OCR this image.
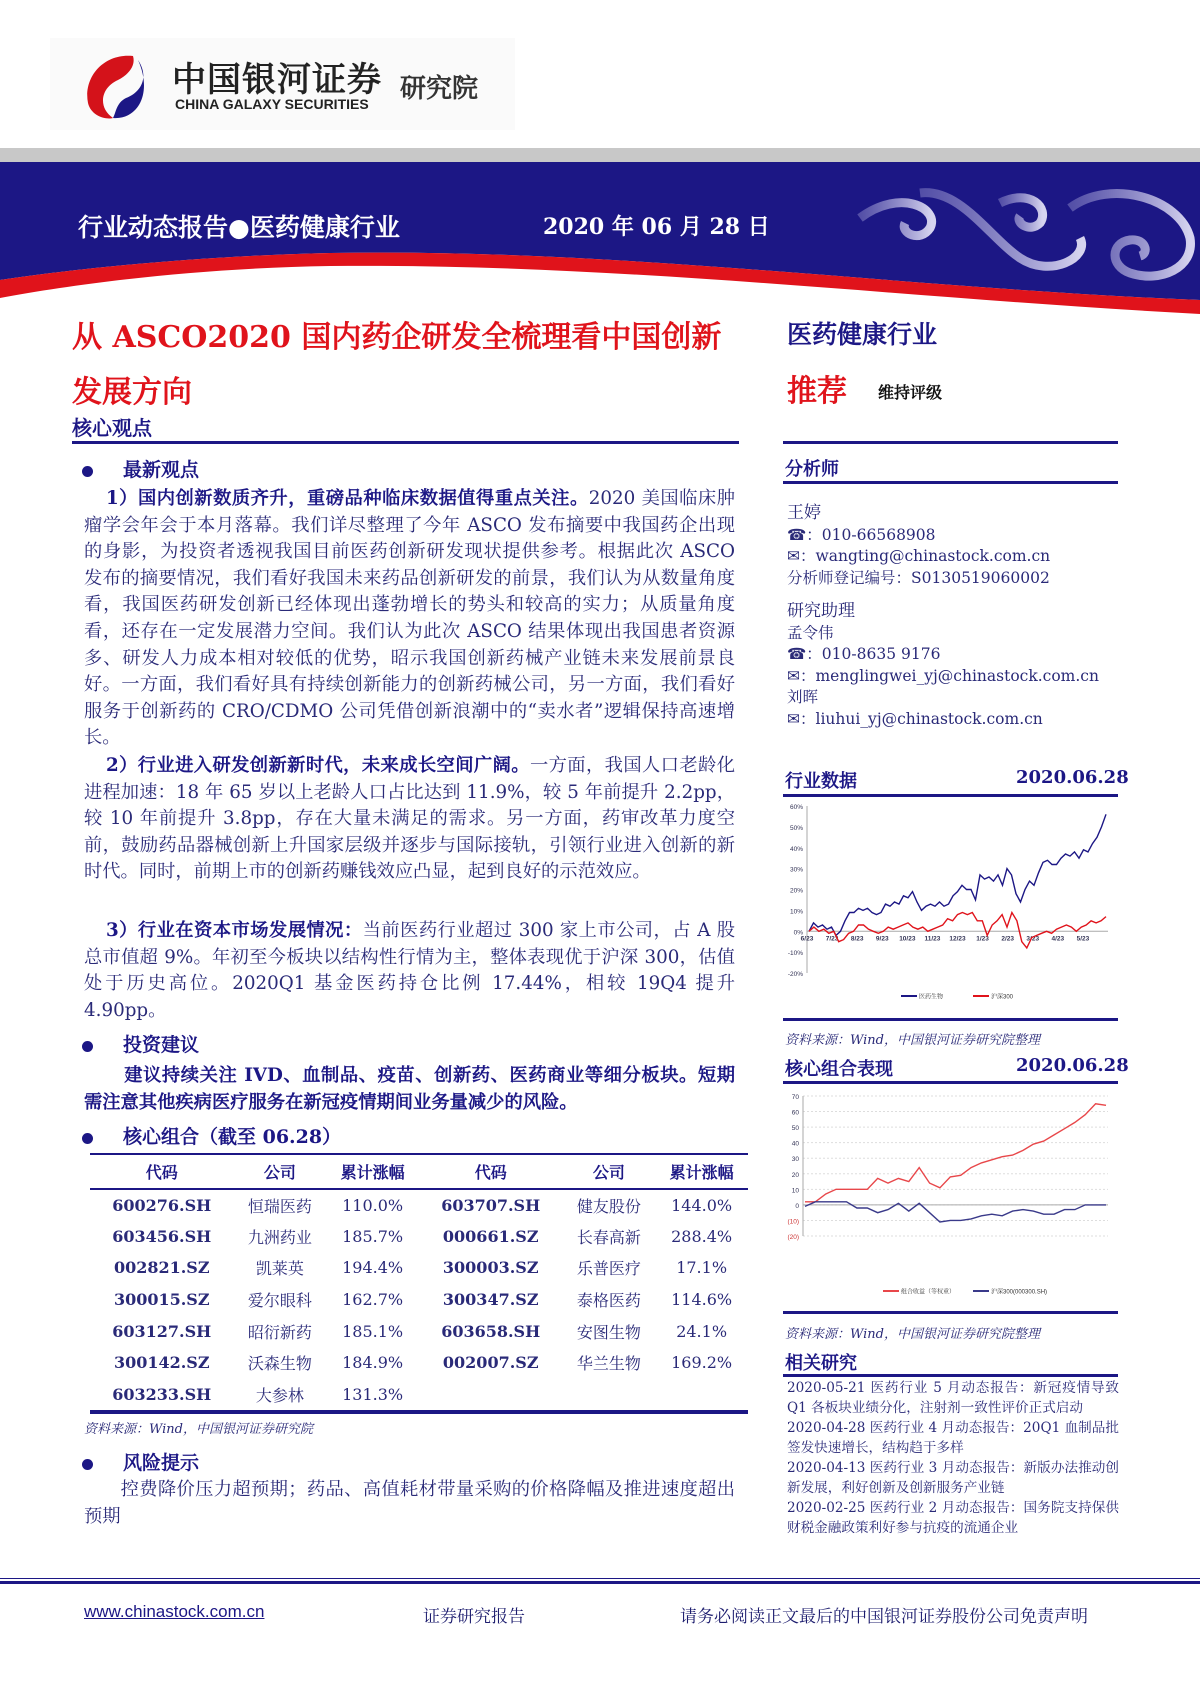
中国银河证券
CHINA GALAXY SECURITIES 研究院
行业动态报告●医药健康行业	2020 年 06 月 28 日
从 ASCO2020 国内药企研发全梳理看中国创新
发展方向
医药健康行业
推荐 维持评级
核心观点
最新观点
1）国内创新数质齐升，重磅品种临床数据值得重点关注。2020 美国临床肿瘤学会年会于本月落幕。我们详尽整理了今年 ASCO 发布摘要中我国药企出现的身影，为投资者透视我国目前医药创新研发现状提供参考。根据此次 ASCO 发布的摘要情况，我们看好我国未来药品创新研发的前景，我们认为从数量角度看，我国医药研发创新已经体现出蓬勃增长的势头和较高的实力；从质量角度看，还存在一定发展潜力空间。我们认为此次 ASCO 结果体现出我国患者资源多、研发人力成本相对较低的优势，昭示我国创新药械产业链未来发展前景良好。一方面，我们看好具有持续创新能力的创新药械公司，另一方面，我们看好服务于创新药的 CRO/CDMO 公司凭借创新浪潮中的“卖水者”逻辑保持高速增长。
2）行业进入研发创新新时代，未来成长空间广阔。一方面，我国人口老龄化进程加速：18 年 65 岁以上老龄人口占比达到 11.9%，较 5 年前提升 2.2pp，较 10 年前提升 3.8pp，存在大量未满足的需求。另一方面，药审改革力度空前，鼓励药品器械创新上升国家层级并逐步与国际接轨，引领行业进入创新的新时代。同时，前期上市的创新药赚钱效应凸显，起到良好的示范效应。
3）行业在资本市场发展情况：当前医药行业超过 300 家上市公司，占 A 股总市值超 9%。年初至今板块以结构性行情为主，整体表现优于沪深 300，估值处于历史高位。2020Q1 基金医药持仓比例 17.44%，相较 19Q4 提升 4.90pp。
投资建议
建议持续关注 IVD、血制品、疫苗、创新药、医药商业等细分板块。短期需注意其他疾病医疗服务在新冠疫情期间业务量减少的风险。
核心组合（截至 06.28）
代码	公司	累计涨幅	代码	公司	累计涨幅
600276.SH	恒瑞医药	110.0%	603707.SH	健友股份	144.0%
603456.SH	九洲药业	185.7%	000661.SZ	长春高新	288.4%
002821.SZ	凯莱英	194.4%	300003.SZ	乐普医疗	17.1%
300015.SZ	爱尔眼科	162.7%	300347.SZ	泰格医药	114.6%
603127.SH	昭衍新药	185.1%	603658.SH	安图生物	24.1%
300142.SZ	沃森生物	184.9%	002007.SZ	华兰生物	169.2%
603233.SH	大参林	131.3%			
资料来源：Wind，中国银河证券研究院
风险提示
控费降价压力超预期；药品、高值耗材带量采购的价格降幅及推进速度超出预期
分析师
王婷
☎：010-66568908
✉：wangting@chinastock.com.cn
分析师登记编号：S0130519060002
研究助理
孟令伟
☎：010-8635 9176
✉：menglingwei_yj@chinastock.com.cn
刘晖
✉：liuhui_yj@chinastock.com.cn
行业数据	2020.06.28
60%
50%
40%
30%
20%
10%
0%
-10%
-20%
6/23 7/23 8/23 9/23 10/23 11/23 12/23 1/23 2/23 3/23 4/23 5/23
医药生物	沪深300
资料来源：Wind，中国银河证券研究院整理
核心组合表现	2020.06.28
70
60
50
40
30
20
10
0
(10)
(20)
组合收益（等权重）	沪深300(000300.SH)
资料来源：Wind，中国银河证券研究院整理
相关研究
2020-05-21 医药行业 5 月动态报告：新冠疫情导致 Q1 各板块业绩分化，注射剂一致性评价正式启动
2020-04-28 医药行业 4 月动态报告：20Q1 血制品批签发快速增长，结构趋于多样
2020-04-13 医药行业 3 月动态报告：新版办法推动创新发展，利好创新及创新服务产业链
2020-02-25 医药行业 2 月动态报告：国务院支持保供财税金融政策利好参与抗疫的流通企业
www.chinastock.com.cn	证券研究报告	请务必阅读正文最后的中国银河证券股份公司免责声明
